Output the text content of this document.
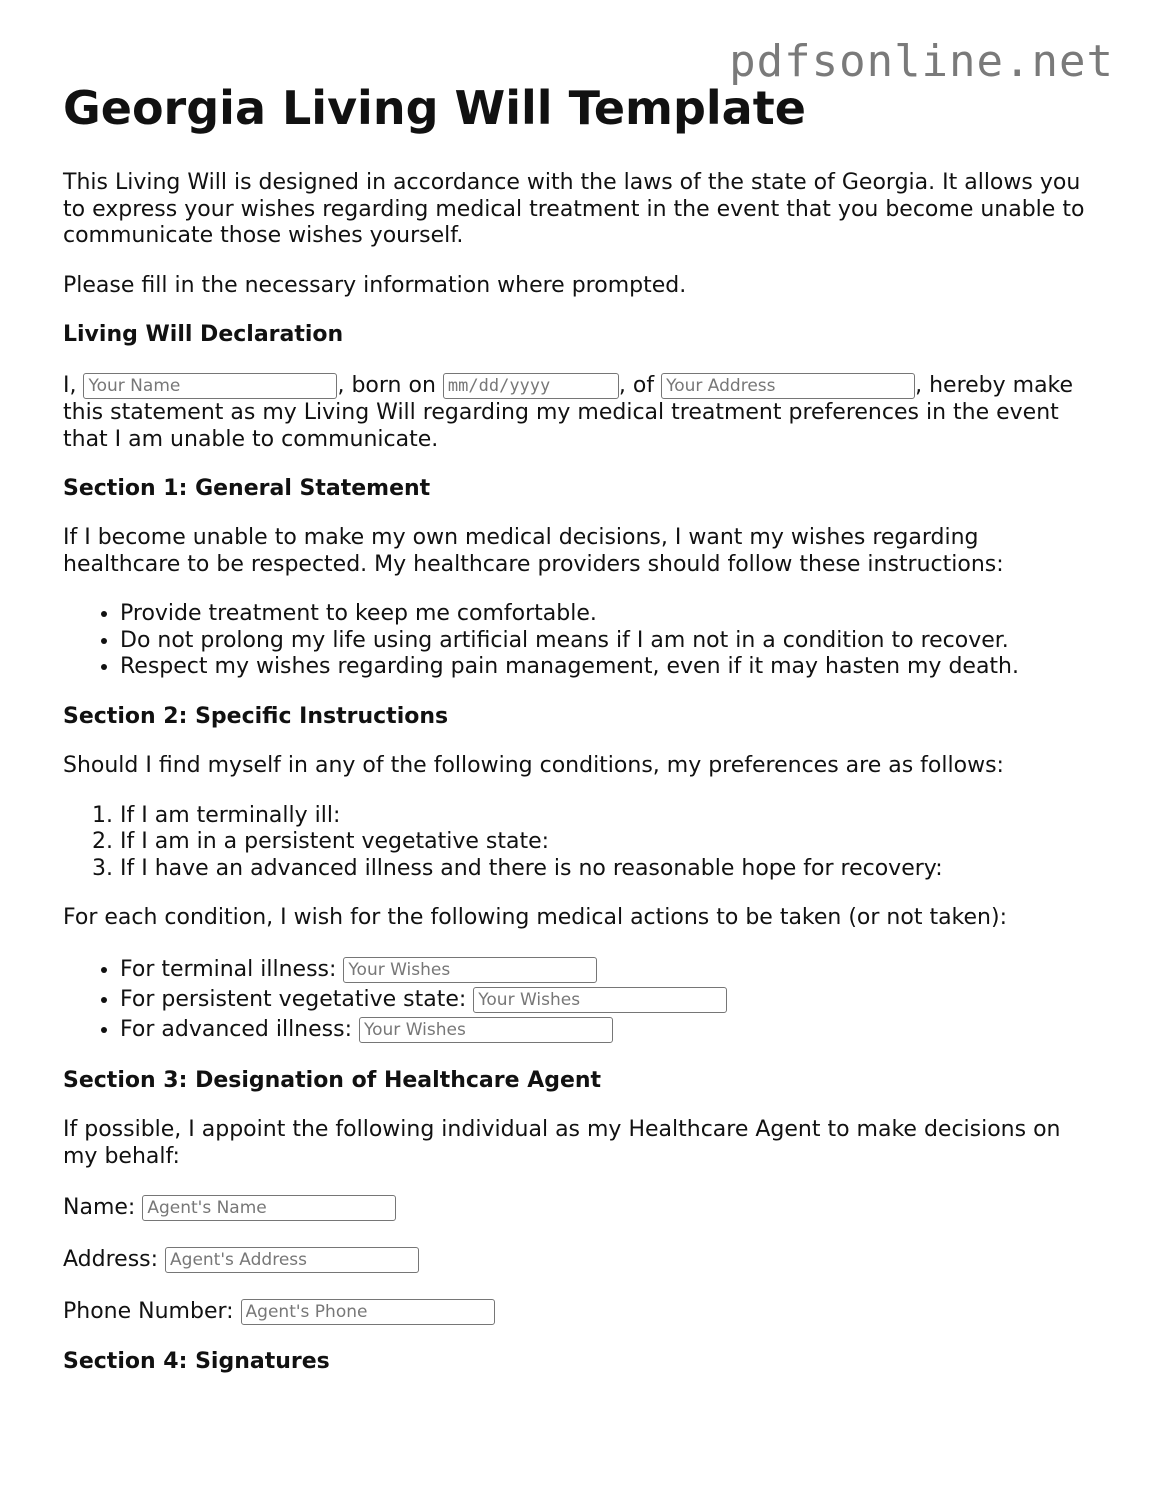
pdfsonline.net
Georgia Living Will Template

This Living Will is designed in accordance with the laws of the state of Georgia. It allows you to express your wishes regarding medical treatment in the event that you become unable to communicate those wishes yourself.

Please fill in the necessary information where prompted.

Living Will Declaration

I, Your Name	, born on mm/dd/yyyy	, of Your Address	, hereby make this statement as my Living Will regarding my medical treatment preferences in the event that I am unable to communicate.

Section 1: General Statement

If I become unable to make my own medical decisions, I want my wishes regarding healthcare to be respected. My healthcare providers should follow these instructions:

• Provide treatment to keep me comfortable.
• Do not prolong my life using artificial means if I am not in a condition to recover.
• Respect my wishes regarding pain management, even if it may hasten my death.
Section 2: Specific Instructions

Should I find myself in any of the following conditions, my preferences are as follows:

1. If I am terminally ill:
2. If I am in a persistent vegetative state:
3. If I have an advanced illness and there is no reasonable hope for recovery:

For each condition, I wish for the following medical actions to be taken (or not taken):

• For terminal illness: Your Wishes
• For persistent vegetative state: Your Wishes
• For advanced illness: Your Wishes
Section 3: Designation of Healthcare Agent

If possible, I appoint the following individual as my Healthcare Agent to make decisions on my behalf:

Name: Agent's Name
Address: Agent's Address
Phone Number: Agent's Phone
Section 4: Signatures
